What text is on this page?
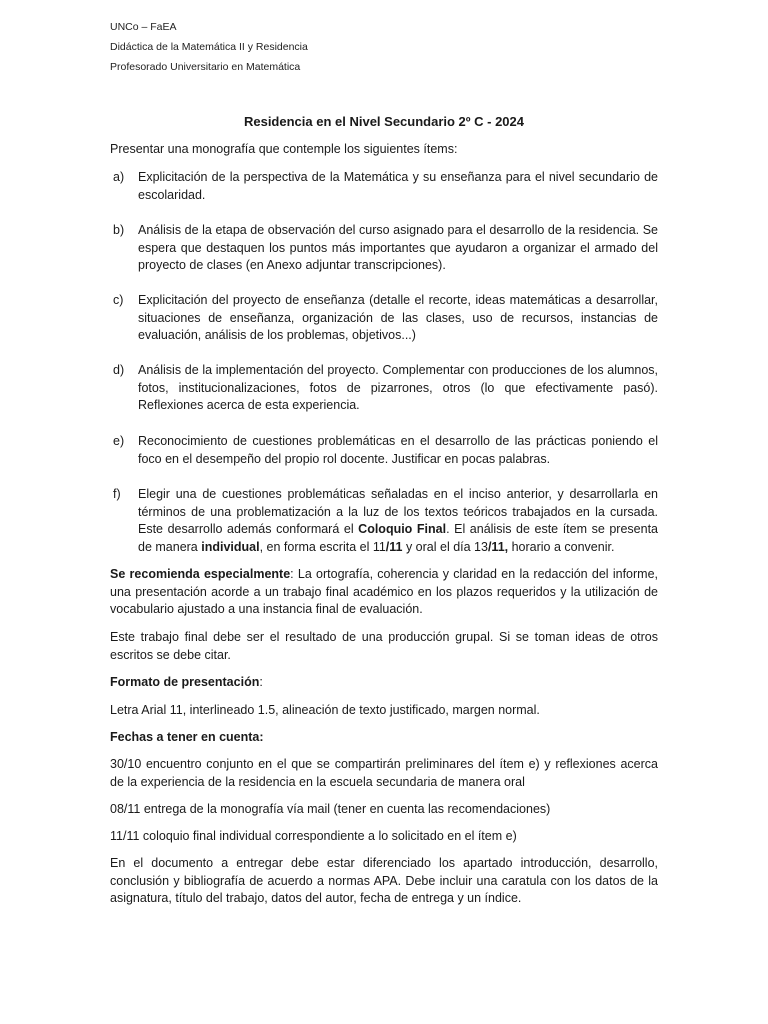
UNCo – FaEA
Didáctica de la Matemática II y Residencia
Profesorado Universitario en Matemática
Residencia en el Nivel Secundario 2º C - 2024

Presentar una monografía que contemple los siguientes ítems:

a) Explicitación de la perspectiva de la Matemática y su enseñanza para el nivel secundario de escolaridad.
b) Análisis de la etapa de observación del curso asignado para el desarrollo de la residencia. Se espera que destaquen los puntos más importantes que ayudaron a organizar el armado del proyecto de clases (en Anexo adjuntar transcripciones).
c) Explicitación del proyecto de enseñanza (detalle el recorte, ideas matemáticas a desarrollar, situaciones de enseñanza, organización de las clases, uso de recursos, instancias de evaluación, análisis de los problemas, objetivos...)
d) Análisis de la implementación del proyecto. Complementar con producciones de los alumnos, fotos, institucionalizaciones, fotos de pizarrones, otros (lo que efectivamente pasó). Reflexiones acerca de esta experiencia.
e) Reconocimiento de cuestiones problemáticas en el desarrollo de las prácticas poniendo el foco en el desempeño del propio rol docente. Justificar en pocas palabras.
f) Elegir una de cuestiones problemáticas señaladas en el inciso anterior, y desarrollarla en términos de una problematización a la luz de los textos teóricos trabajados en la cursada. Este desarrollo además conformará el Coloquio Final. El análisis de este ítem se presenta de manera individual, en forma escrita el 11/11 y oral el día 13/11, horario a convenir.

Se recomienda especialmente: La ortografía, coherencia y claridad en la redacción del informe, una presentación acorde a un trabajo final académico en los plazos requeridos y la utilización de vocabulario ajustado a una instancia final de evaluación.

Este trabajo final debe ser el resultado de una producción grupal. Si se toman ideas de otros escritos se debe citar.

Formato de presentación:

Letra Arial 11, interlineado 1.5, alineación de texto justificado, margen normal.

Fechas a tener en cuenta:

30/10 encuentro conjunto en el que se compartirán preliminares del ítem e) y reflexiones acerca de la experiencia de la residencia en la escuela secundaria de manera oral

08/11 entrega de la monografía vía mail (tener en cuenta las recomendaciones)

11/11 coloquio final individual correspondiente a lo solicitado en el ítem e)

En el documento a entregar debe estar diferenciado los apartado introducción, desarrollo, conclusión y bibliografía de acuerdo a normas APA. Debe incluir una caratula con los datos de la asignatura, título del trabajo, datos del autor, fecha de entrega y un índice.
